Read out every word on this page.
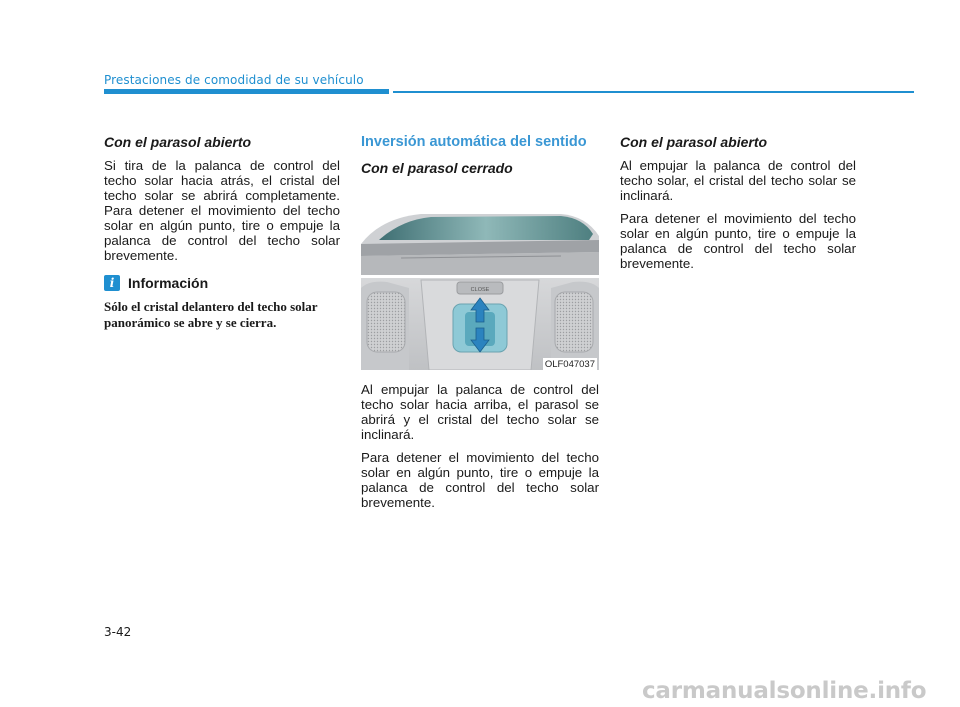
Prestaciones de comodidad de su vehículo
Con el parasol abierto

Si tira de la palanca de control del techo solar hacia atrás, el cristal del techo solar se abrirá completamente. Para detener el movimiento del techo solar en algún punto, tire o empuje la palanca de control del techo solar brevemente.

i Información
Sólo el cristal delantero del techo solar panorámico se abre y se cierra.
Inversión automática del sentido
Con el parasol cerrado
CLOSE
OLF047037

Al empujar la palanca de control del techo solar hacia arriba, el parasol se abrirá y el cristal del techo solar se inclinará.

Para detener el movimiento del techo solar en algún punto, tire o empuje la palanca de control del techo solar brevemente.

Con el parasol abierto

Al empujar la palanca de control del techo solar, el cristal del techo solar se inclinará.

Para detener el movimiento del techo solar en algún punto, tire o empuje la palanca de control del techo solar brevemente.

3-42
carmanualsonline.info
